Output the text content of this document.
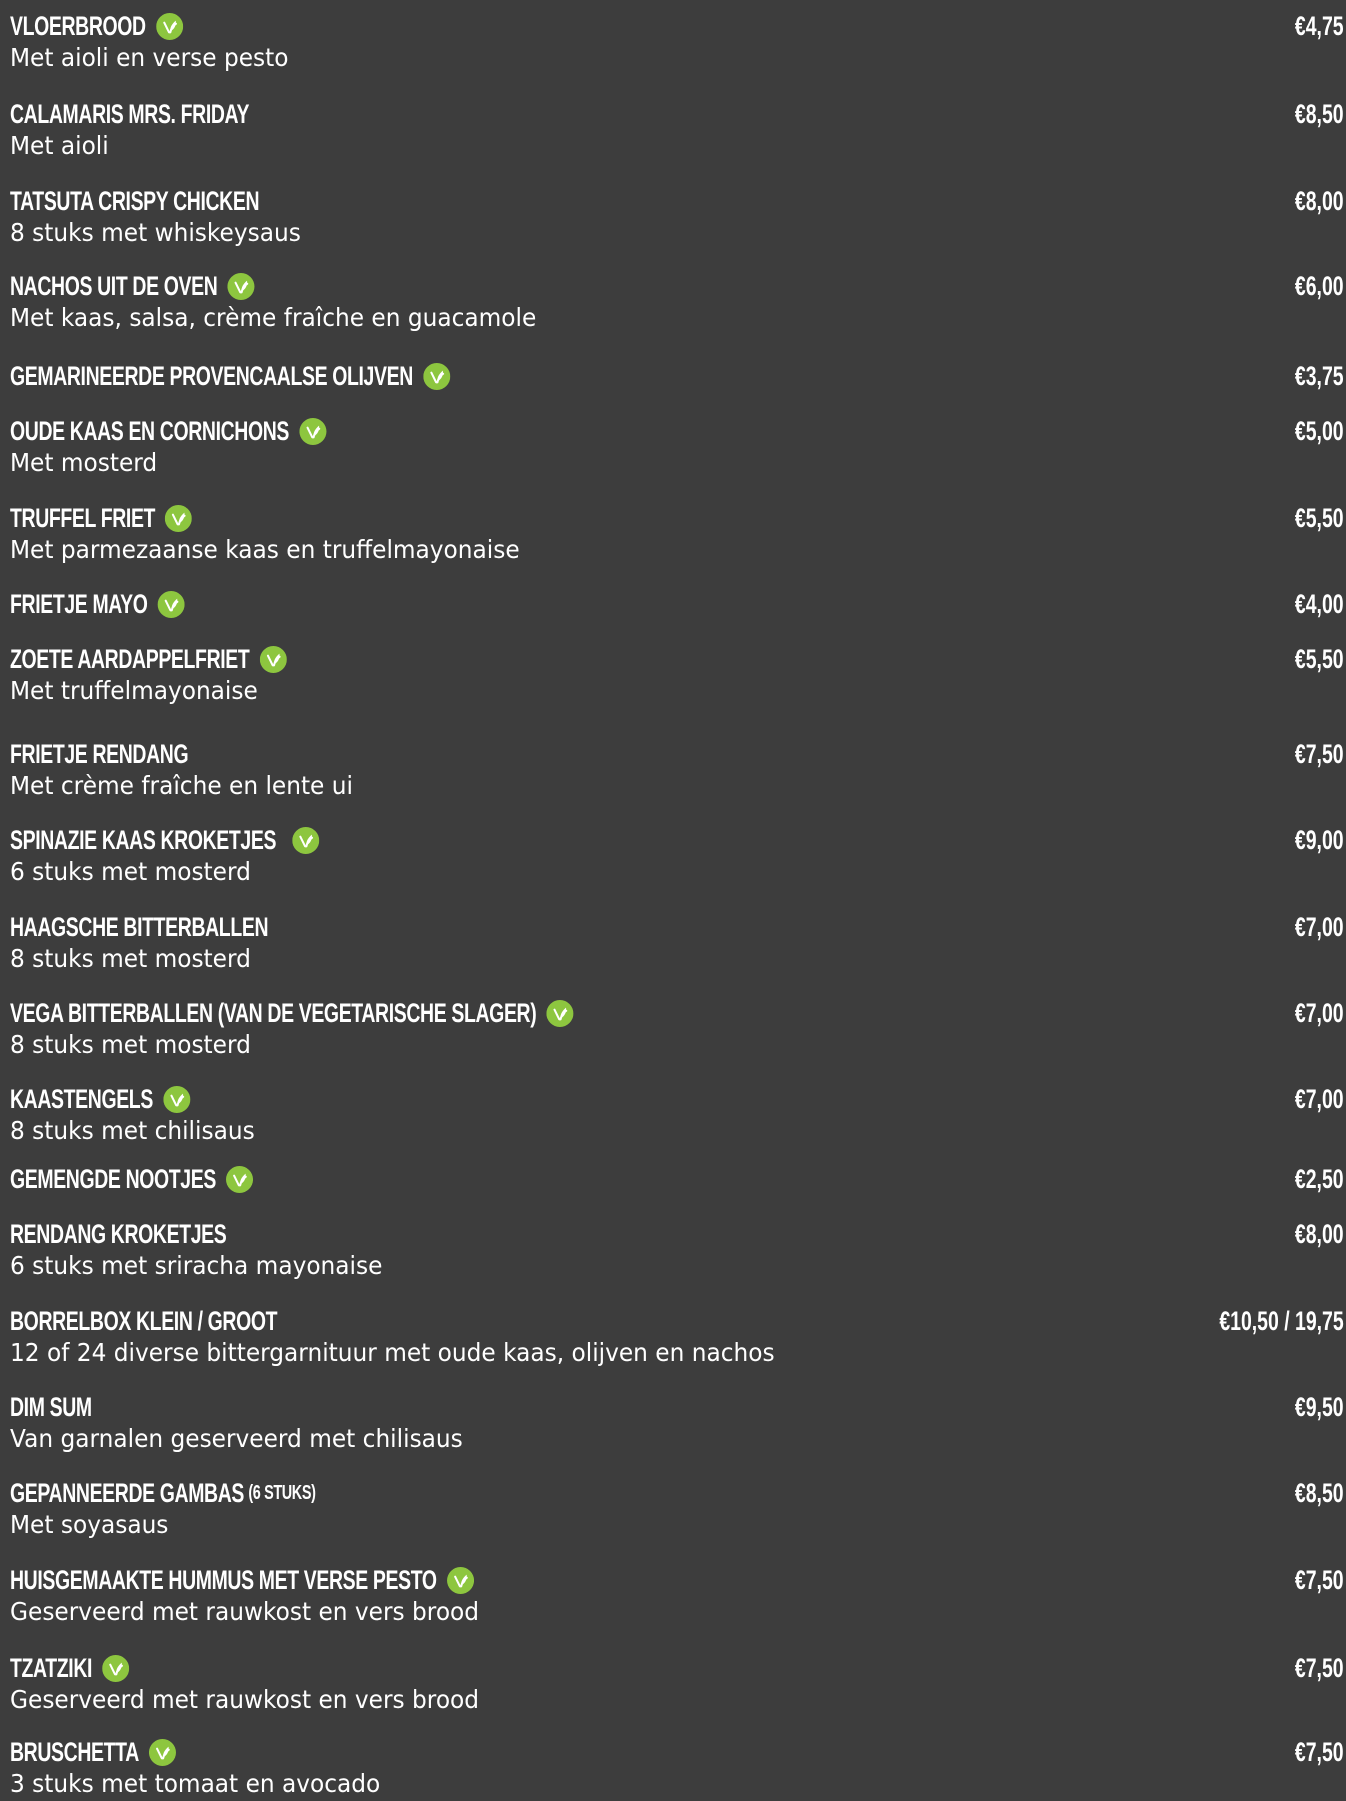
VLOERBROOD	€4,75
Met aioli en verse pesto
CALAMARIS MRS. FRIDAY	€8,50
Met aioli
TATSUTA CRISPY CHICKEN	€8,00
8 stuks met whiskeysaus
NACHOS UIT DE OVEN	€6,00
Met kaas, salsa, crème fraîche en guacamole
GEMARINEERDE PROVENCAALSE OLIJVEN	€3,75
OUDE KAAS EN CORNICHONS	€5,00
Met mosterd
TRUFFEL FRIET	€5,50
Met parmezaanse kaas en truffelmayonaise
FRIETJE MAYO	€4,00
ZOETE AARDAPPELFRIET	€5,50
Met truffelmayonaise
FRIETJE RENDANG	€7,50
Met crème fraîche en lente ui
SPINAZIE KAAS KROKETJES	€9,00
6 stuks met mosterd
HAAGSCHE BITTERBALLEN	€7,00
8 stuks met mosterd
VEGA BITTERBALLEN (VAN DE VEGETARISCHE SLAGER)	€7,00
8 stuks met mosterd
KAASTENGELS	€7,00
8 stuks met chilisaus
GEMENGDE NOOTJES	€2,50
RENDANG KROKETJES	€8,00
6 stuks met sriracha mayonaise
BORRELBOX KLEIN / GROOT	€10,50 / 19,75
12 of 24 diverse bittergarnituur met oude kaas, olijven en nachos
DIM SUM	€9,50
Van garnalen geserveerd met chilisaus
GEPANNEERDE GAMBAS (6 STUKS)	€8,50
Met soyasaus
HUISGEMAAKTE HUMMUS MET VERSE PESTO	€7,50
Geserveerd met rauwkost en vers brood
TZATZIKI	€7,50
Geserveerd met rauwkost en vers brood
BRUSCHETTA	€7,50
3 stuks met tomaat en avocado
